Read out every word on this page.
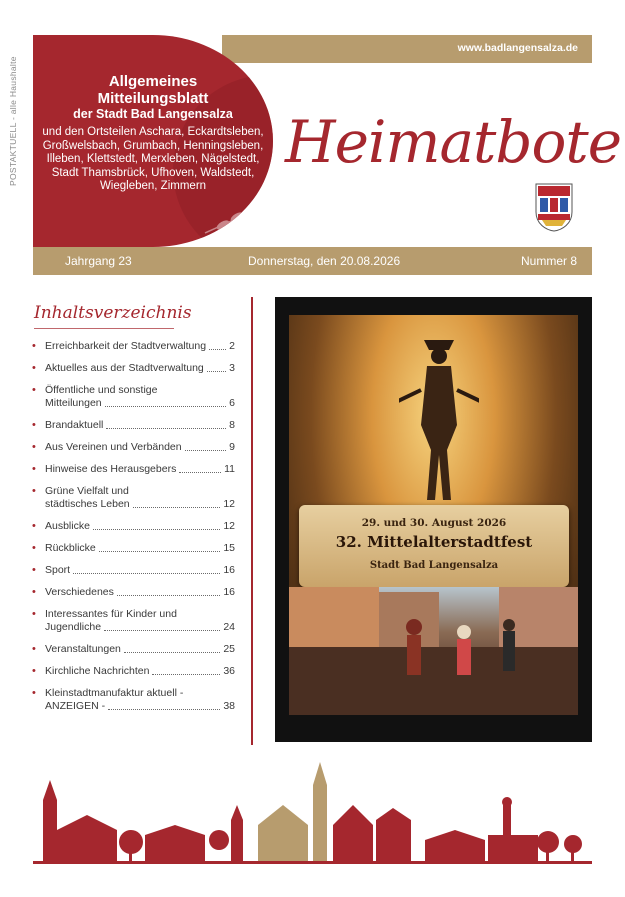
POSTAKTUELL - alle Haushalte
www.badlangensalza.de
Allgemeines
Mitteilungsblatt
der Stadt Bad Langensalza
und den Ortsteilen Aschara, Eckardtsleben, Großwelsbach, Grumbach, Henningsleben, Illeben, Klettstedt, Merxleben, Nägelstedt, Stadt Thamsbrück, Ufhoven, Waldstedt, Wiegleben, Zimmern
Heimatbote
Jahrgang 23	Donnerstag, den 20.08.2026	Nummer 8
Inhaltsverzeichnis
• Erreichbarkeit der Stadtverwaltung 2
• Aktuelles aus der Stadtverwaltung 3
• Öffentliche und sonstige
Mitteilungen	6
• Brandaktuell	8
• Aus Vereinen und Verbänden	9
• Hinweise des Herausgebers	11
• Grüne Vielfalt und
städtisches Leben	12
• Ausblicke	12
• Rückblicke	15
• Sport	16
• Verschiedenes	16
• Interessantes für Kinder und
Jugendliche	24
• Veranstaltungen	25
• Kirchliche Nachrichten	36
• Kleinstadtmanufaktur aktuell -
ANZEIGEN -	38
29. und 30. August 2026
32. Mittelalterstadtfest
Stadt Bad Langensalza
